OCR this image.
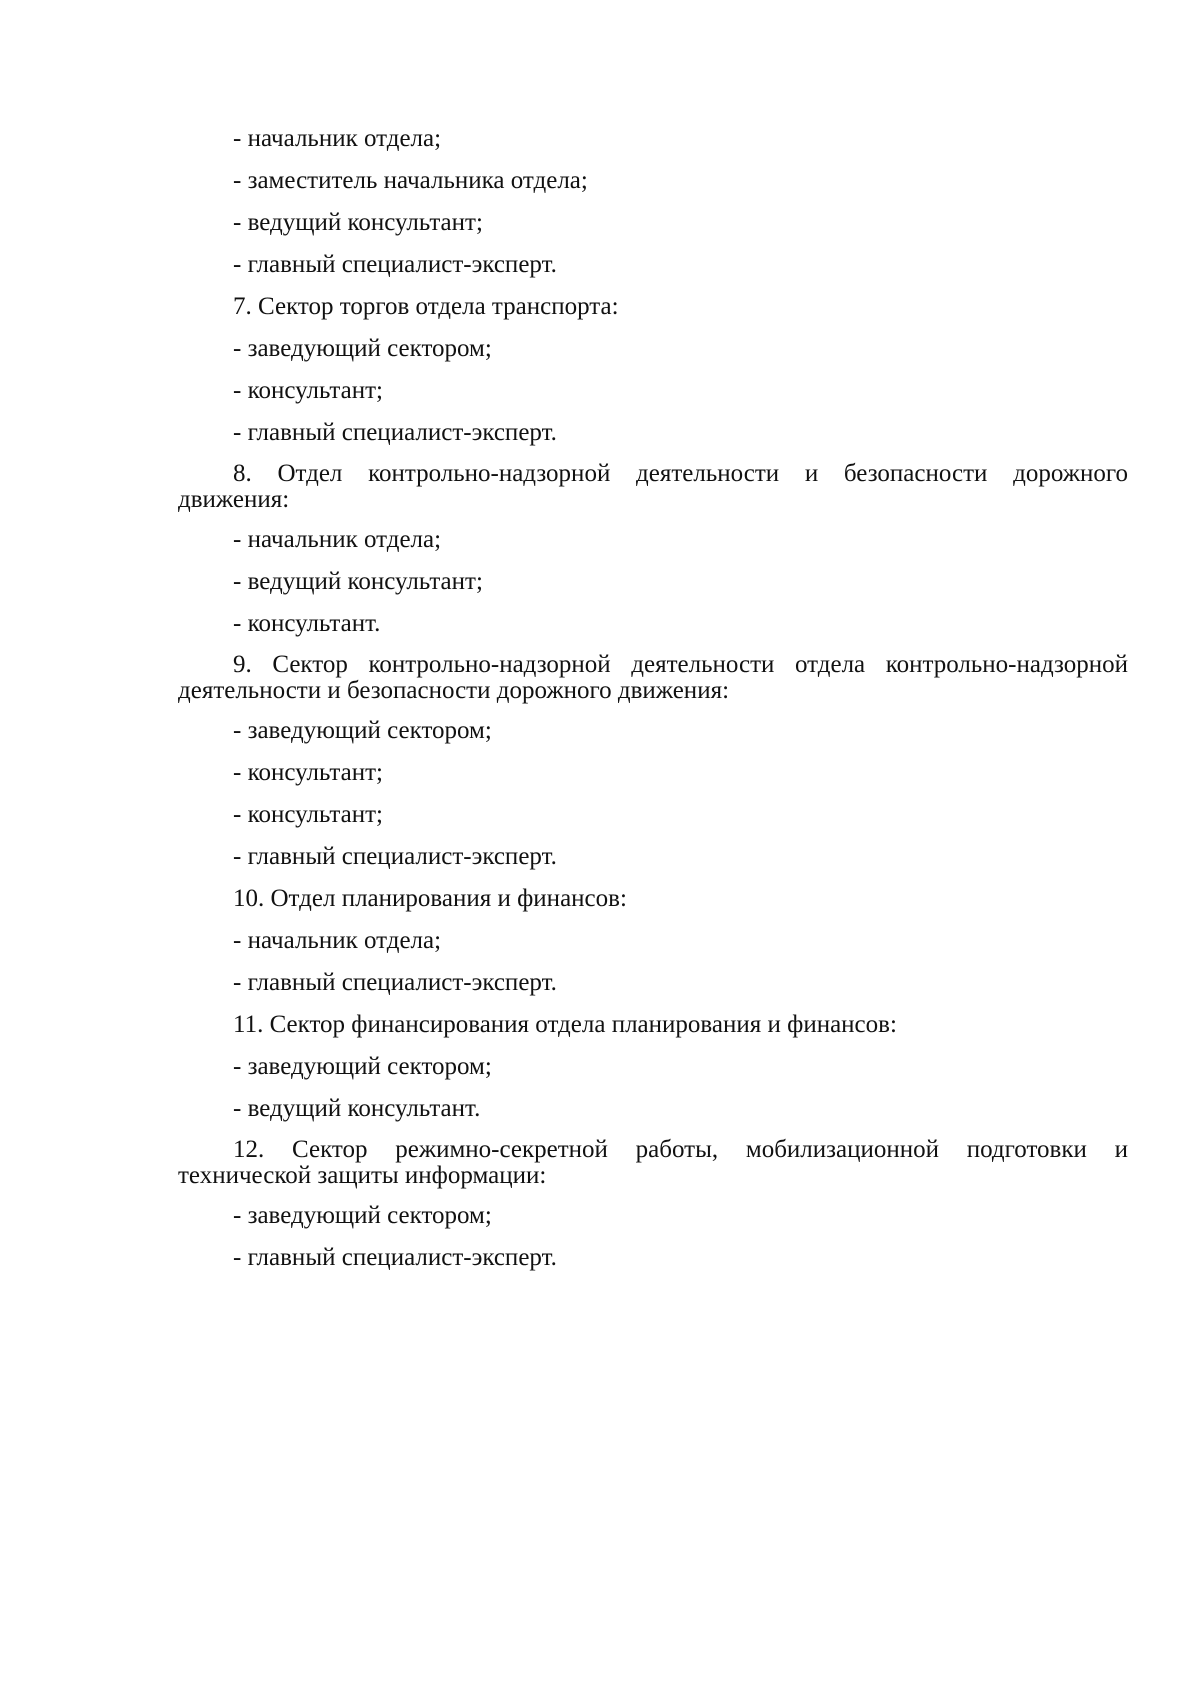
- начальник отдела;
- заместитель начальника отдела;
- ведущий консультант;
- главный специалист-эксперт.
7. Сектор торгов отдела транспорта:
- заведующий сектором;
- консультант;
- главный специалист-эксперт.
8. Отдел контрольно-надзорной деятельности и безопасности дорожного
движения:
- начальник отдела;
- ведущий консультант;
- консультант.
9. Сектор контрольно-надзорной деятельности отдела контрольно-надзорной
деятельности и безопасности дорожного движения:
- заведующий сектором;
- консультант;
- консультант;
- главный специалист-эксперт.
10. Отдел планирования и финансов:
- начальник отдела;
- главный специалист-эксперт.
11. Сектор финансирования отдела планирования и финансов:
- заведующий сектором;
- ведущий консультант.
12. Сектор режимно-секретной работы, мобилизационной подготовки и
технической защиты информации:
- заведующий сектором;
- главный специалист-эксперт.
